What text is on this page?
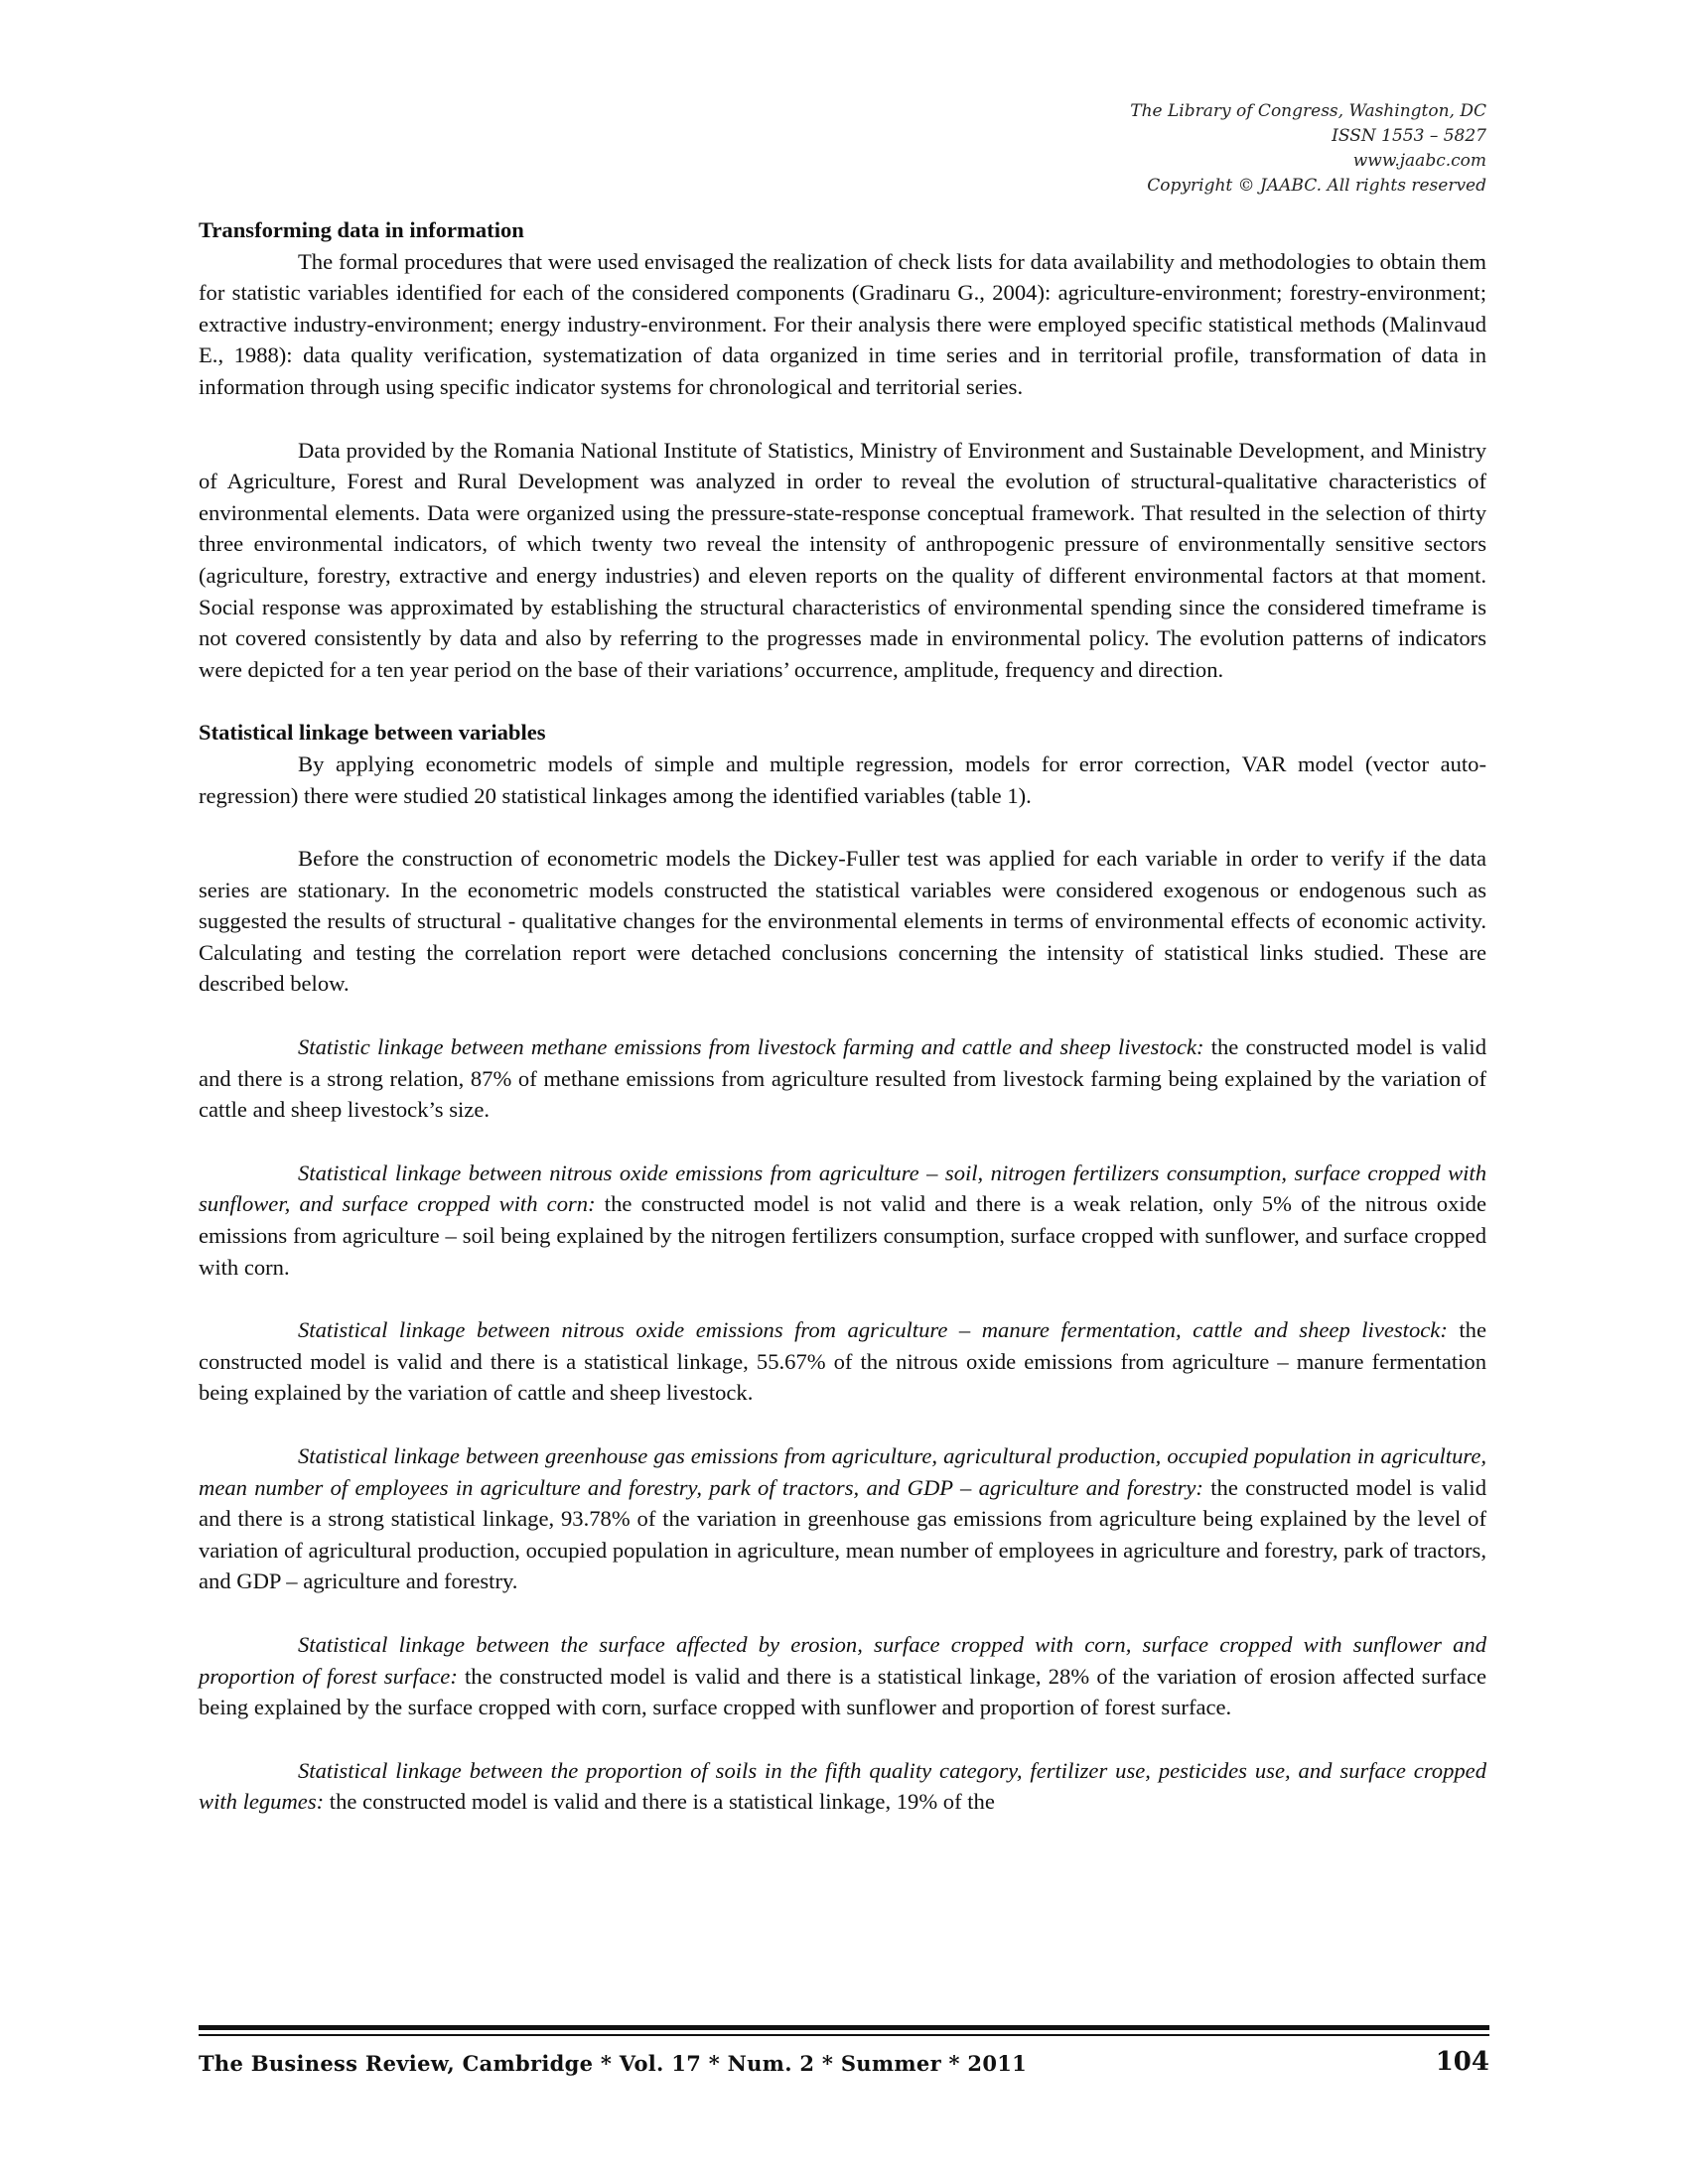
The Library of Congress, Washington, DC
ISSN 1553 – 5827
www.jaabc.com
Copyright © JAABC. All rights reserved
Transforming data in information

The formal procedures that were used envisaged the realization of check lists for data availability and methodologies to obtain them for statistic variables identified for each of the considered components (Gradinaru G., 2004): agriculture-environment; forestry-environment; extractive industry-environment; energy industry-environment. For their analysis there were employed specific statistical methods (Malinvaud E., 1988): data quality verification, systematization of data organized in time series and in territorial profile, transformation of data in information through using specific indicator systems for chronological and territorial series.

Data provided by the Romania National Institute of Statistics, Ministry of Environment and Sustainable Development, and Ministry of Agriculture, Forest and Rural Development was analyzed in order to reveal the evolution of structural-qualitative characteristics of environmental elements. Data were organized using the pressure-state-response conceptual framework. That resulted in the selection of thirty three environmental indicators, of which twenty two reveal the intensity of anthropogenic pressure of environmentally sensitive sectors (agriculture, forestry, extractive and energy industries) and eleven reports on the quality of different environmental factors at that moment. Social response was approximated by establishing the structural characteristics of environmental spending since the considered timeframe is not covered consistently by data and also by referring to the progresses made in environmental policy. The evolution patterns of indicators were depicted for a ten year period on the base of their variations’ occurrence, amplitude, frequency and direction.

Statistical linkage between variables

By applying econometric models of simple and multiple regression, models for error correction, VAR model (vector auto-regression) there were studied 20 statistical linkages among the identified variables (table 1).

Before the construction of econometric models the Dickey-Fuller test was applied for each variable in order to verify if the data series are stationary. In the econometric models constructed the statistical variables were considered exogenous or endogenous such as suggested the results of structural - qualitative changes for the environmental elements in terms of environmental effects of economic activity. Calculating and testing the correlation report were detached conclusions concerning the intensity of statistical links studied. These are described below.

Statistic linkage between methane emissions from livestock farming and cattle and sheep livestock: the constructed model is valid and there is a strong relation, 87% of methane emissions from agriculture resulted from livestock farming being explained by the variation of cattle and sheep livestock’s size.

Statistical linkage between nitrous oxide emissions from agriculture – soil, nitrogen fertilizers consumption, surface cropped with sunflower, and surface cropped with corn: the constructed model is not valid and there is a weak relation, only 5% of the nitrous oxide emissions from agriculture – soil being explained by the nitrogen fertilizers consumption, surface cropped with sunflower, and surface cropped with corn.

Statistical linkage between nitrous oxide emissions from agriculture – manure fermentation, cattle and sheep livestock: the constructed model is valid and there is a statistical linkage, 55.67% of the nitrous oxide emissions from agriculture – manure fermentation being explained by the variation of cattle and sheep livestock.

Statistical linkage between greenhouse gas emissions from agriculture, agricultural production, occupied population in agriculture, mean number of employees in agriculture and forestry, park of tractors, and GDP – agriculture and forestry: the constructed model is valid and there is a strong statistical linkage, 93.78% of the variation in greenhouse gas emissions from agriculture being explained by the level of variation of agricultural production, occupied population in agriculture, mean number of employees in agriculture and forestry, park of tractors, and GDP – agriculture and forestry.

Statistical linkage between the surface affected by erosion, surface cropped with corn, surface cropped with sunflower and proportion of forest surface: the constructed model is valid and there is a statistical linkage, 28% of the variation of erosion affected surface being explained by the surface cropped with corn, surface cropped with sunflower and proportion of forest surface.

Statistical linkage between the proportion of soils in the fifth quality category, fertilizer use, pesticides use, and surface cropped with legumes: the constructed model is valid and there is a statistical linkage, 19% of the

The Business Review, Cambridge * Vol. 17 * Num. 2 * Summer * 2011	104
